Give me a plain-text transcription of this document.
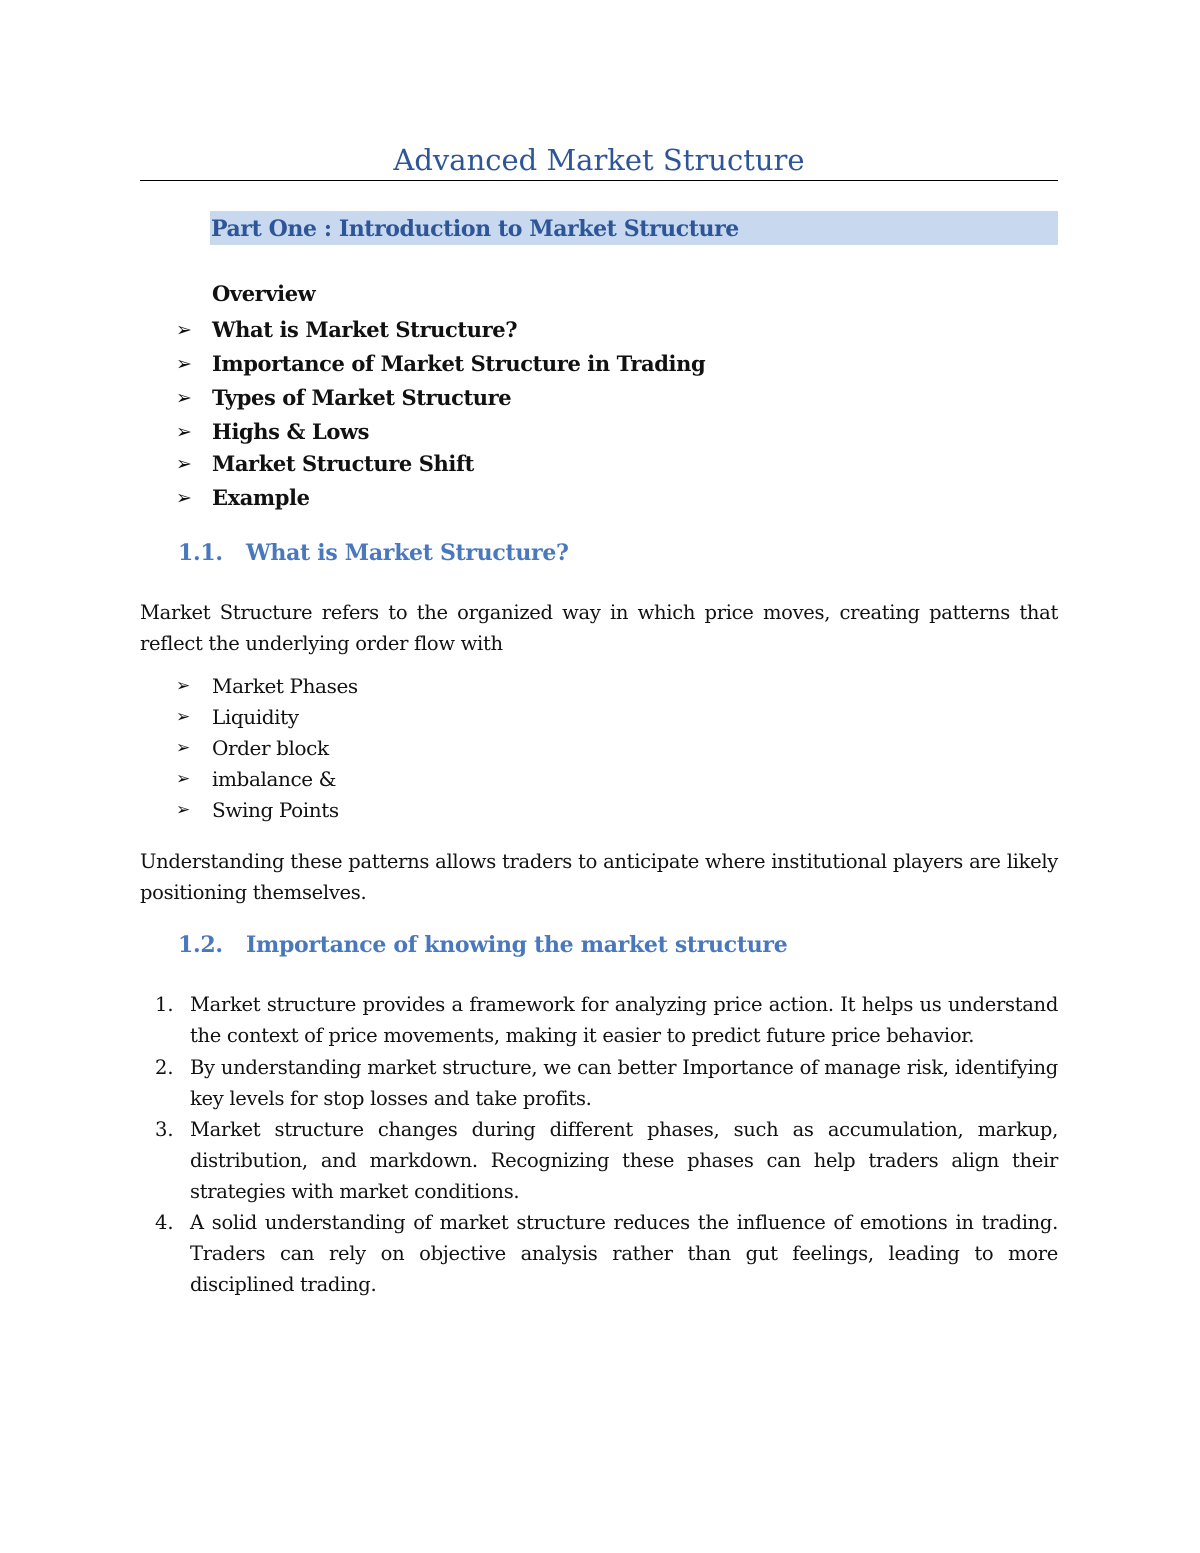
Advanced Market Structure
Part One : Introduction to Market Structure
Overview
➢ What is Market Structure?
➢ Importance of Market Structure in Trading
➢ Types of Market Structure
➢ Highs & Lows
➢ Market Structure Shift
➢ Example
1.1. What is Market Structure?

Market Structure refers to the organized way in which price moves, creating patterns that reflect the underlying order flow with

➢ Market Phases
➢ Liquidity
➢ Order block
➢ imbalance &
➢ Swing Points

Understanding these patterns allows traders to anticipate where institutional players are likely positioning themselves.

1.2. Importance of knowing the market structure
1. Market structure provides a framework for analyzing price action. It helps us understand the context of price movements, making it easier to predict future price behavior.

2. By understanding market structure, we can better Importance of manage risk, identifying key levels for stop losses and take profits.

3. Market structure changes during different phases, such as accumulation, markup, distribution, and markdown. Recognizing these phases can help traders align their strategies with market conditions.

4. A solid understanding of market structure reduces the influence of emotions in trading. Traders can rely on objective analysis rather than gut feelings, leading to more disciplined trading.
